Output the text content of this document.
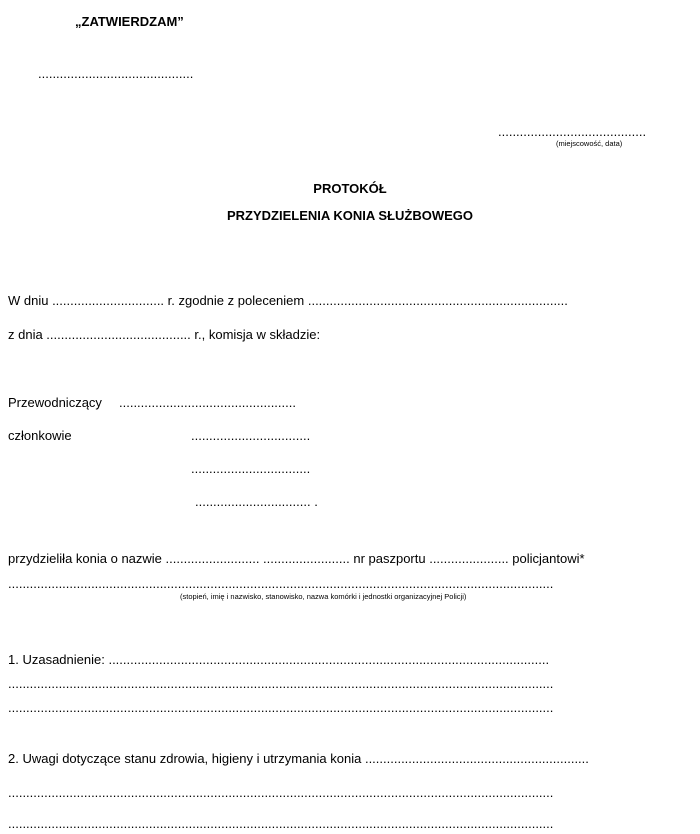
„ZATWIERDZAM”
...........................................
.........................................
(miejscowość, data)
PROTOKÓŁ
PRZYDZIELENIA KONIA SŁUŻBOWEGO
W dniu ............................... r. zgodnie z poleceniem ........................................................................
z dnia ........................................ r., komisja w składzie:
Przewodniczący .................................................
członkowie	.................................
.................................
................................ .
przydzieliła konia o nazwie .......................... ........................ nr paszportu ...................... policjantowi*
.......................................................................................................................................................
(stopień, imię i nazwisko, stanowisko, nazwa komórki i jednostki organizacyjnej Policji)
1. Uzasadnienie: ..........................................................................................................................
.......................................................................................................................................................
.......................................................................................................................................................
2. Uwagi dotyczące stanu zdrowia, higieny i utrzymania konia ..............................................................
.......................................................................................................................................................
.......................................................................................................................................................
